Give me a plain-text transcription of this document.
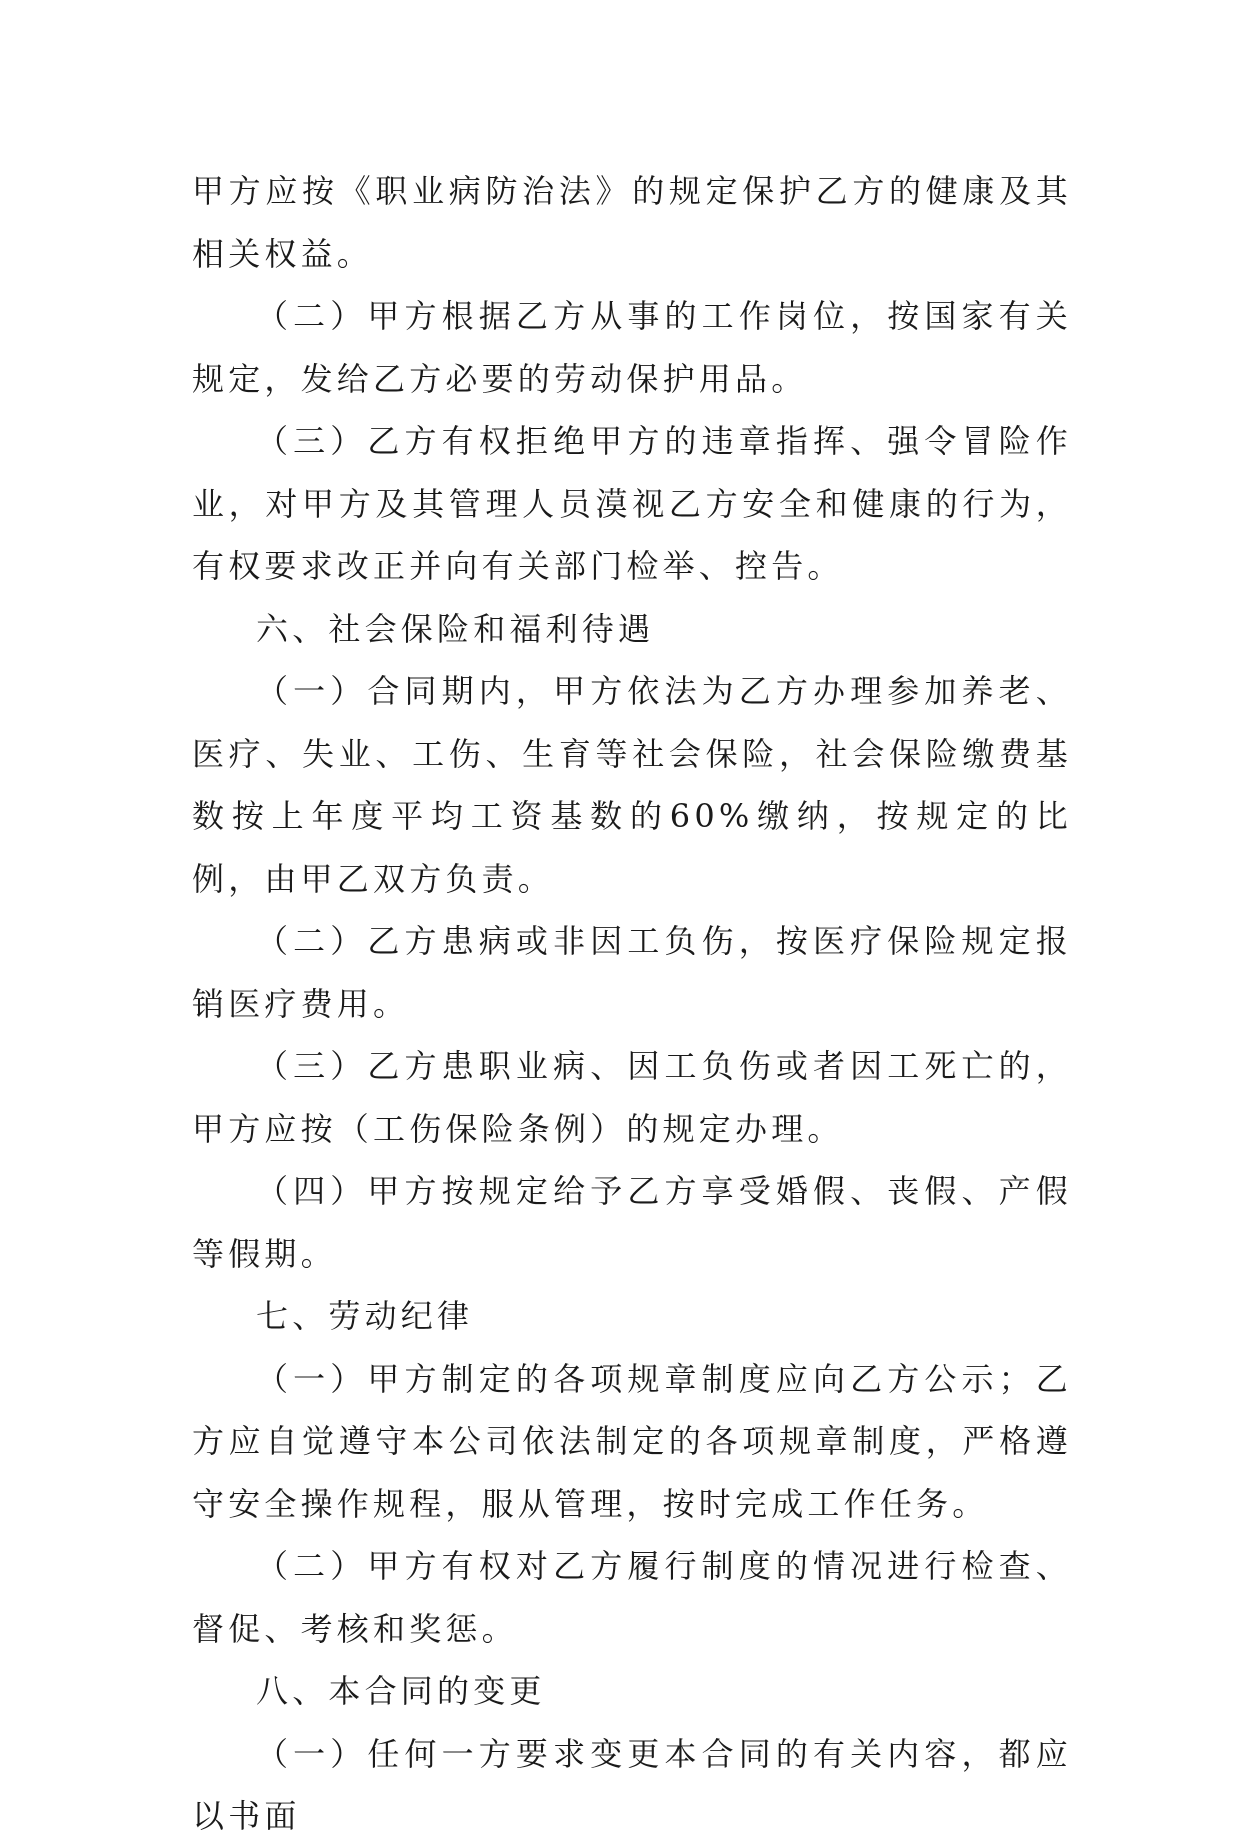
甲方应按《职业病防治法》的规定保护乙方的健康及其相关权益。

（二）甲方根据乙方从事的工作岗位，按国家有关规定，发给乙方必要的劳动保护用品。

（三）乙方有权拒绝甲方的违章指挥、强令冒险作业，对甲方及其管理人员漠视乙方安全和健康的行为，有权要求改正并向有关部门检举、控告。

六、社会保险和福利待遇

（一）合同期内，甲方依法为乙方办理参加养老、医疗、失业、工伤、生育等社会保险，社会保险缴费基数按上年度平均工资基数的60%缴纳，按规定的比例，由甲乙双方负责。

（二）乙方患病或非因工负伤，按医疗保险规定报销医疗费用。

（三）乙方患职业病、因工负伤或者因工死亡的，甲方应按（工伤保险条例）的规定办理。

（四）甲方按规定给予乙方享受婚假、丧假、产假等假期。

七、劳动纪律

（一）甲方制定的各项规章制度应向乙方公示；乙方应自觉遵守本公司依法制定的各项规章制度，严格遵守安全操作规程，服从管理，按时完成工作任务。

（二）甲方有权对乙方履行制度的情况进行检查、督促、考核和奖惩。

八、本合同的变更

（一）任何一方要求变更本合同的有关内容，都应以书面
